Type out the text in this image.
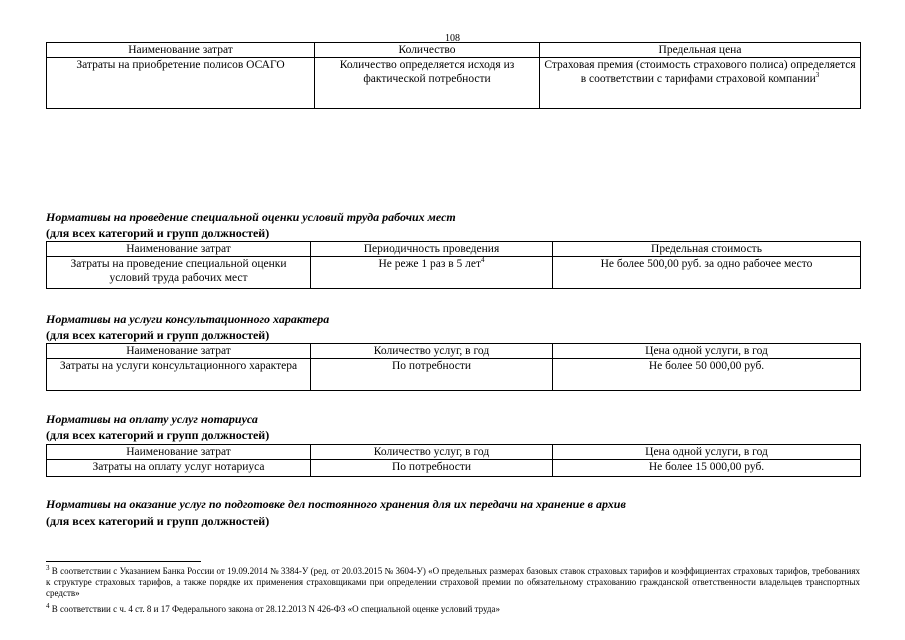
108
Наименование затрат	Количество	Предельная цена
Затраты на приобретение полисов ОСАГО	Количество определяется исходя из фактической потребности	Страховая премия (стоимость страхового полиса) определяется в соответствии с тарифами страховой компании$^3$
Нормативы на проведение специальной оценки условий труда рабочих мест
(для всех категорий и групп должностей)
Наименование затрат	Периодичность проведения	Предельная стоимость
Затраты на проведение специальной оценки условий труда рабочих мест	Не реже 1 раз в 5 лет$^4$	Не более 500,00 руб. за одно рабочее место
Нормативы на услуги консультационного характера
(для всех категорий и групп должностей)
Наименование затрат	Количество услуг, в год	Цена одной услуги, в год
Затраты на услуги консультационного характера	По потребности	Не более 50 000,00 руб.
Нормативы на оплату услуг нотариуса
(для всех категорий и групп должностей)
Наименование затрат	Количество услуг, в год	Цена одной услуги, в год
Затраты на оплату услуг нотариуса	По потребности	Не более 15 000,00 руб.
Нормативы на оказание услуг по подготовке дел постоянного хранения для их передачи на хранение в архив
(для всех категорий и групп должностей)
$^3$ В соответствии с Указанием Банка России от 19.09.2014 № 3384-У (ред. от 20.03.2015 № 3604-У) «О предельных размерах базовых ставок страховых тарифов и коэффициентах страховых тарифов, требованиях к структуре страховых тарифов, а также порядке их применения страховщиками при определении страховой премии по обязательному страхованию гражданской ответственности владельцев транспортных средств»
$^4$ В соответствии с ч. 4 ст. 8 и 17 Федерального закона от 28.12.2013 N 426-ФЗ «О специальной оценке условий труда»
